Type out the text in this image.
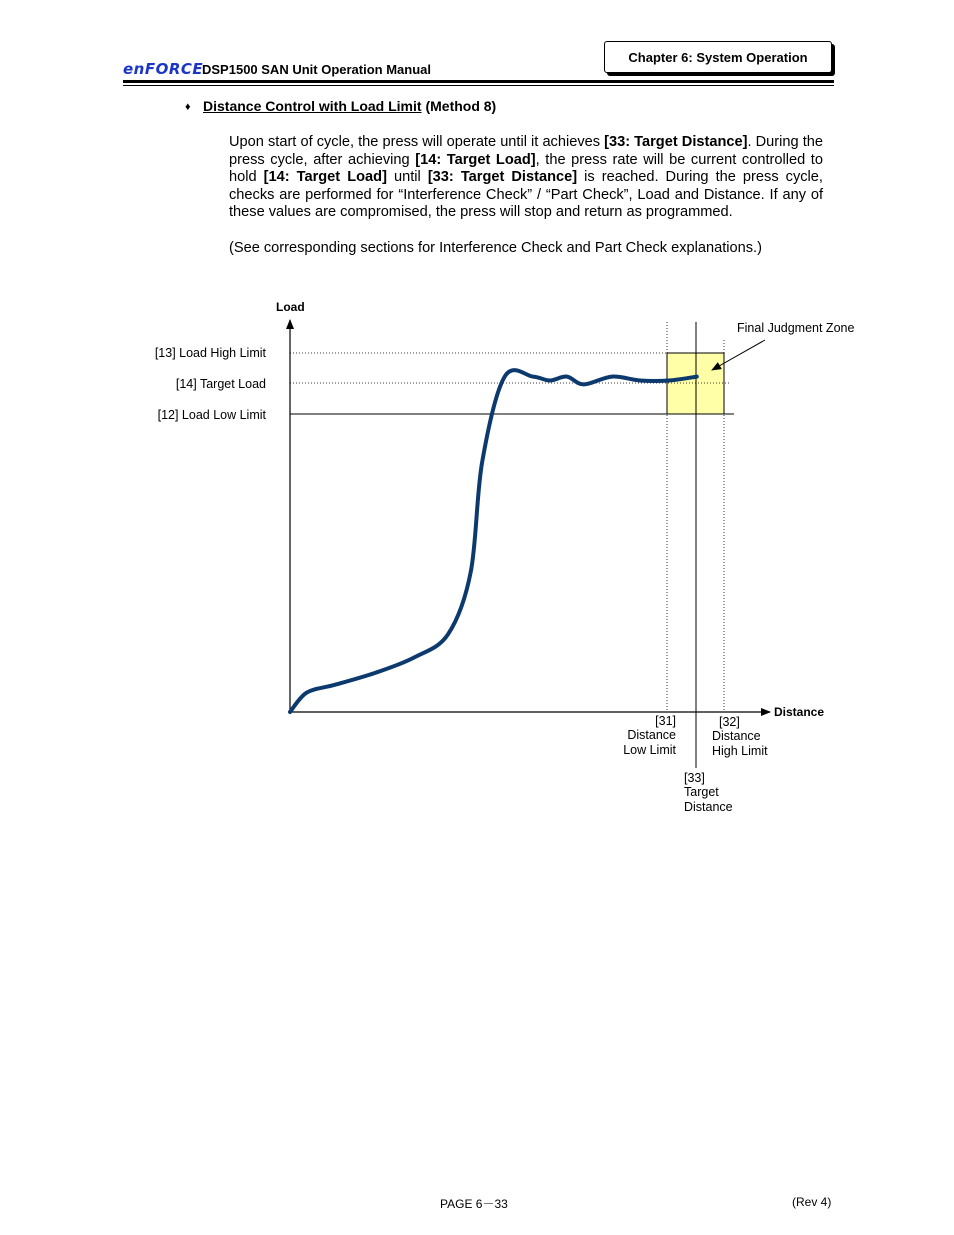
enFORCE
DSP1500 SAN Unit Operation Manual
Chapter 6: System Operation
♦ Distance Control with Load Limit (Method 8)

Upon start of cycle, the press will operate until it achieves [33: Target Distance]. During the press cycle, after achieving [14: Target Load], the press rate will be current controlled to hold [14: Target Load] until [33: Target Distance] is reached. During the press cycle, checks are performed for “Interference Check” / “Part Check”, Load and Distance. If any of these values are compromised, the press will stop and return as programmed.

(See corresponding sections for Interference Check and Part Check explanations.)
Load
Distance
[13] Load High Limit
[14] Target Load
[12] Load Low Limit
Final Judgment Zone
[31]
Distance
Low Limit
[32]
Distance
High Limit
[33]
Target
Distance
PAGE 6－33	(Rev 4)
